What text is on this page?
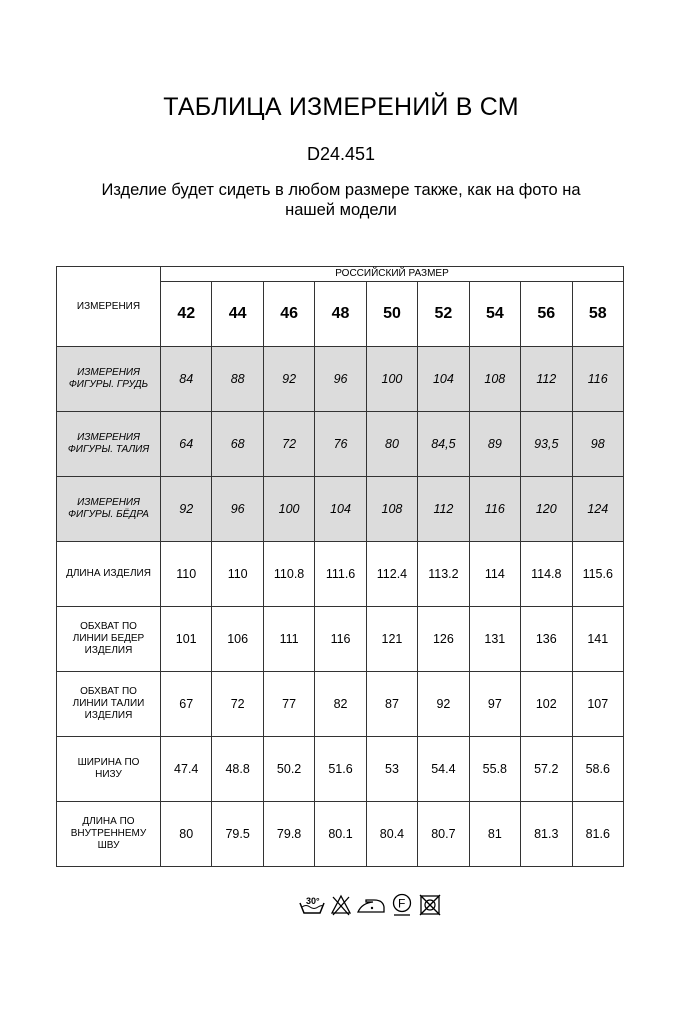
ТАБЛИЦА ИЗМЕРЕНИЙ В СМ
D24.451
Изделие будет сидеть в любом размере также, как на фото на
нашей модели
ИЗМЕРЕНИЯ	РОССИЙСКИЙ РАЗМЕР								
	42	44	46	48	50	52	54	56	58

ИЗМЕРЕНИЯ
ФИГУРЫ. ГРУДЬ	84	88	92	96	100	104	108	112	116

ИЗМЕРЕНИЯ
ФИГУРЫ. ТАЛИЯ	64	68	72	76	80	84,5	89	93,5	98

ИЗМЕРЕНИЯ
ФИГУРЫ. БЁДРА	92	96	100	104	108	112	116	120	124

ДЛИНА ИЗДЕЛИЯ	110	110	110.8	111.6	112.4	113.2	114	114.8	115.6

ОБХВАТ ПО
ЛИНИИ БЕДЕР
ИЗДЕЛИЯ	101	106	111	116	121	126	131	136	141

ОБХВАТ ПО
ЛИНИИ ТАЛИИ
ИЗДЕЛИЯ	67	72	77	82	87	92	97	102	107

ШИРИНА ПО
НИЗУ	47.4	48.8	50.2	51.6	53	54.4	55.8	57.2	58.6

ДЛИНА ПО
ВНУТРЕННЕМУ
ШВУ	80	79.5	79.8	80.1	80.4	80.7	81	81.3	81.6
30°	F
